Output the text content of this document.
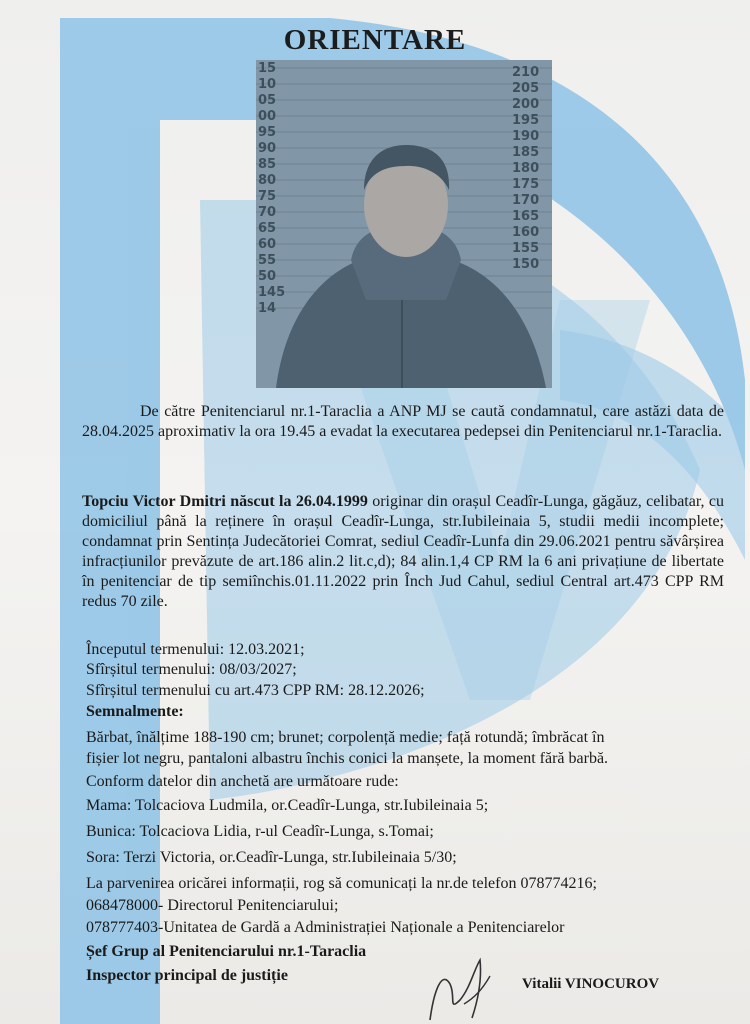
ORIENTARE
15
10
05
00
95
90
85
80
75
70
65
60
55
50
145
14
210
205
200
195
190
185
180
175
170
165
160
155
150
De către Penitenciarul nr.1-Taraclia a ANP MJ se caută condamnatul, care astăzi data de 28.04.2025 aproximativ la ora 19.45 a evadat la executarea pedepsei din Penitenciarul nr.1-Taraclia.
Topciu Victor Dmitri născut la 26.04.1999 originar din orașul Ceadîr-Lunga, găgăuz, celibatar, cu domiciliul până la reținere în orașul Ceadîr-Lunga, str.Iubileinaia 5, studii medii incomplete; condamnat prin Sentința Judecătoriei Comrat, sediul Ceadîr-Lunfa din 29.06.2021 pentru săvârșirea infracțiunilor prevăzute de art.186 alin.2 lit.c,d); 84 alin.1,4 CP RM la 6 ani privațiune de libertate în penitenciar de tip semiînchis.01.11.2022 prin Înch Jud Cahul, sediul Central art.473 CPP RM redus 70 zile.
Începutul termenului: 12.03.2021;
Sfîrșitul termenului: 08/03/2027;
Sfîrșitul termenului cu art.473 CPP RM: 28.12.2026;
Semnalmente:
Bărbat, înălțime 188-190 cm; brunet; corpolență medie; față rotundă; îmbrăcat în
fișier lot negru, pantaloni albastru închis conici la manșete, la moment fără barbă.
Conform datelor din anchetă are următoare rude:
Mama: Tolcaciova Ludmila, or.Ceadîr-Lunga, str.Iubileinaia 5;
Bunica: Tolcaciova Lidia, r-ul Ceadîr-Lunga, s.Tomai;
Sora: Terzi Victoria, or.Ceadîr-Lunga, str.Iubileinaia 5/30;
La parvenirea oricărei informații, rog să comunicați la nr.de telefon 078774216;
068478000- Directorul Penitenciarului;
078777403-Unitatea de Gardă a Administrației Naționale a Penitenciarelor
Șef Grup al Penitenciarului nr.1-Taraclia
Inspector principal de justiție	Vitalii VINOCUROV
